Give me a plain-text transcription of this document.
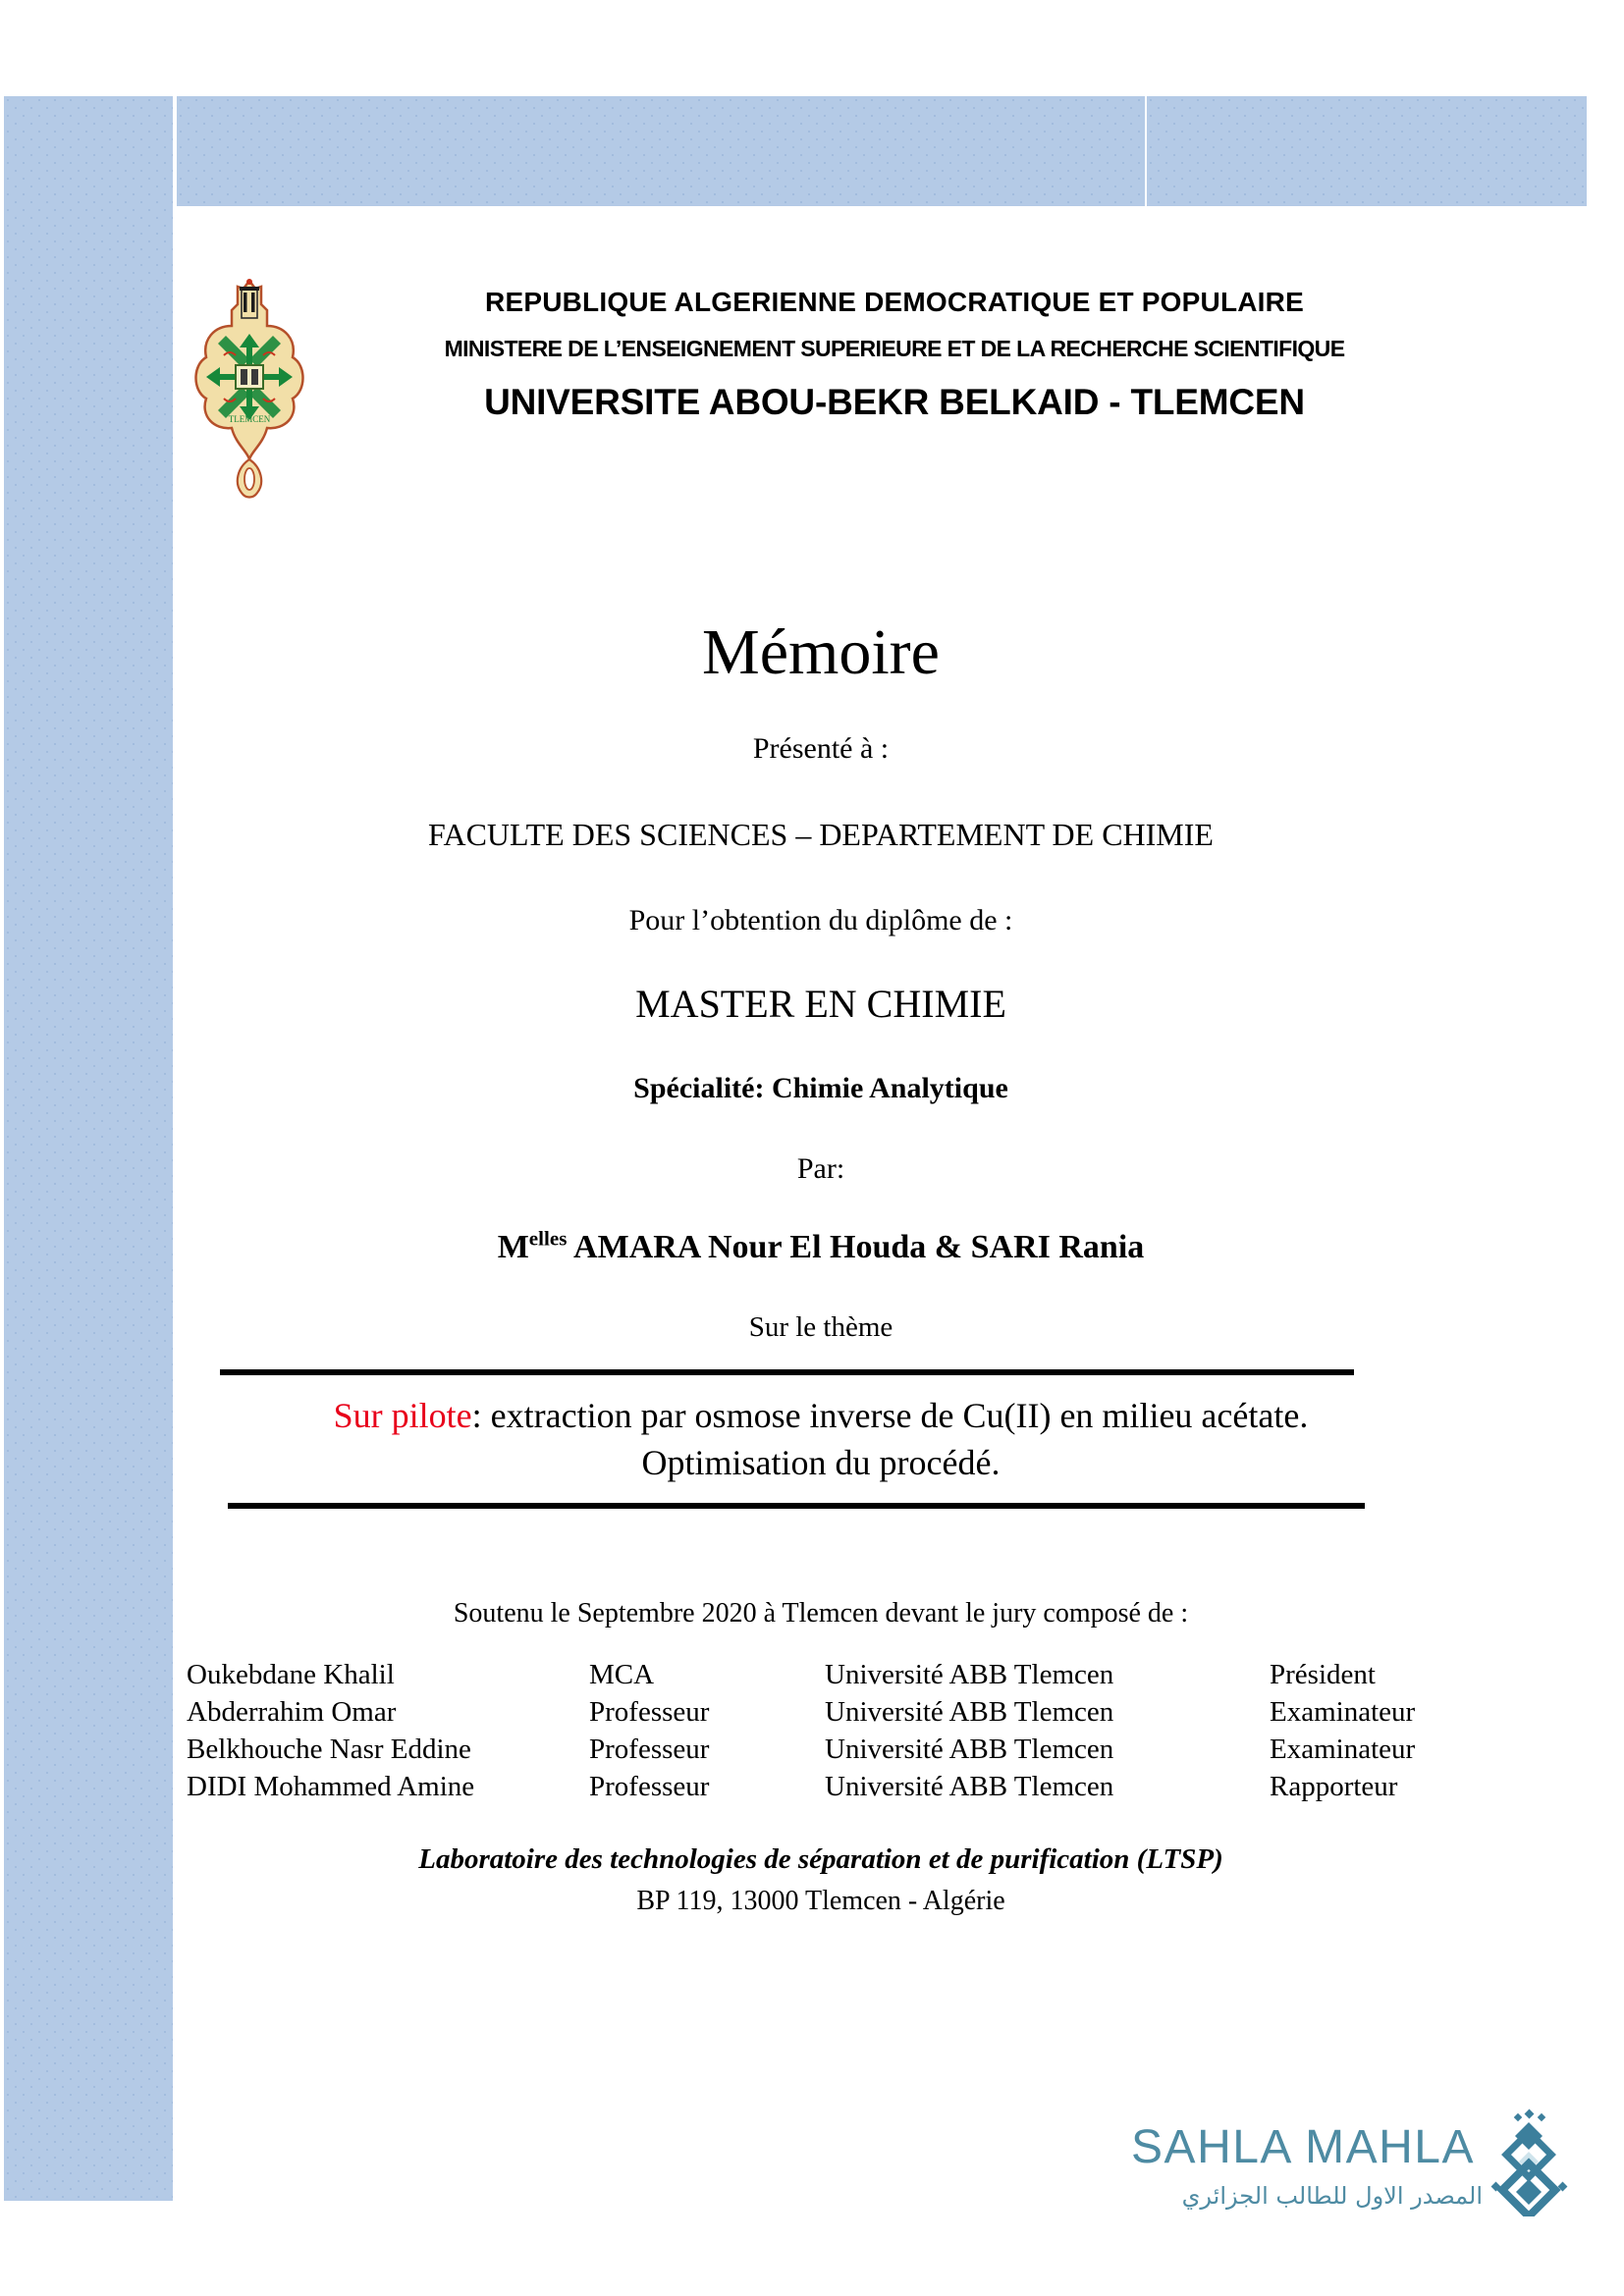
TLEMCEN
REPUBLIQUE ALGERIENNE DEMOCRATIQUE ET POPULAIRE
MINISTERE DE L’ENSEIGNEMENT SUPERIEURE ET DE LA RECHERCHE SCIENTIFIQUE
UNIVERSITE ABOU-BEKR BELKAID - TLEMCEN
Mémoire
Présenté à :
FACULTE DES SCIENCES – DEPARTEMENT DE CHIMIE
Pour l’obtention du diplôme de :
MASTER EN CHIMIE
Spécialité: Chimie Analytique
Par:
$M^{elles}$ AMARA Nour El Houda & SARI Rania
Sur le thème
Sur pilote: extraction par osmose inverse de Cu(II) en milieu acétate. Optimisation du procédé.
Soutenu le Septembre 2020 à Tlemcen devant le jury composé de :
Oukebdane Khalil	MCA	Université ABB Tlemcen	Président
Abderrahim Omar	Professeur	Université ABB Tlemcen	Examinateur
Belkhouche Nasr Eddine	Professeur	Université ABB Tlemcen	Examinateur
DIDI Mohammed Amine	Professeur	Université ABB Tlemcen	Rapporteur
Laboratoire des technologies de séparation et de purification (LTSP)
BP 119, 13000 Tlemcen - Algérie
SAHLA MAHLA
المصدر الاول للطالب الجزائري
